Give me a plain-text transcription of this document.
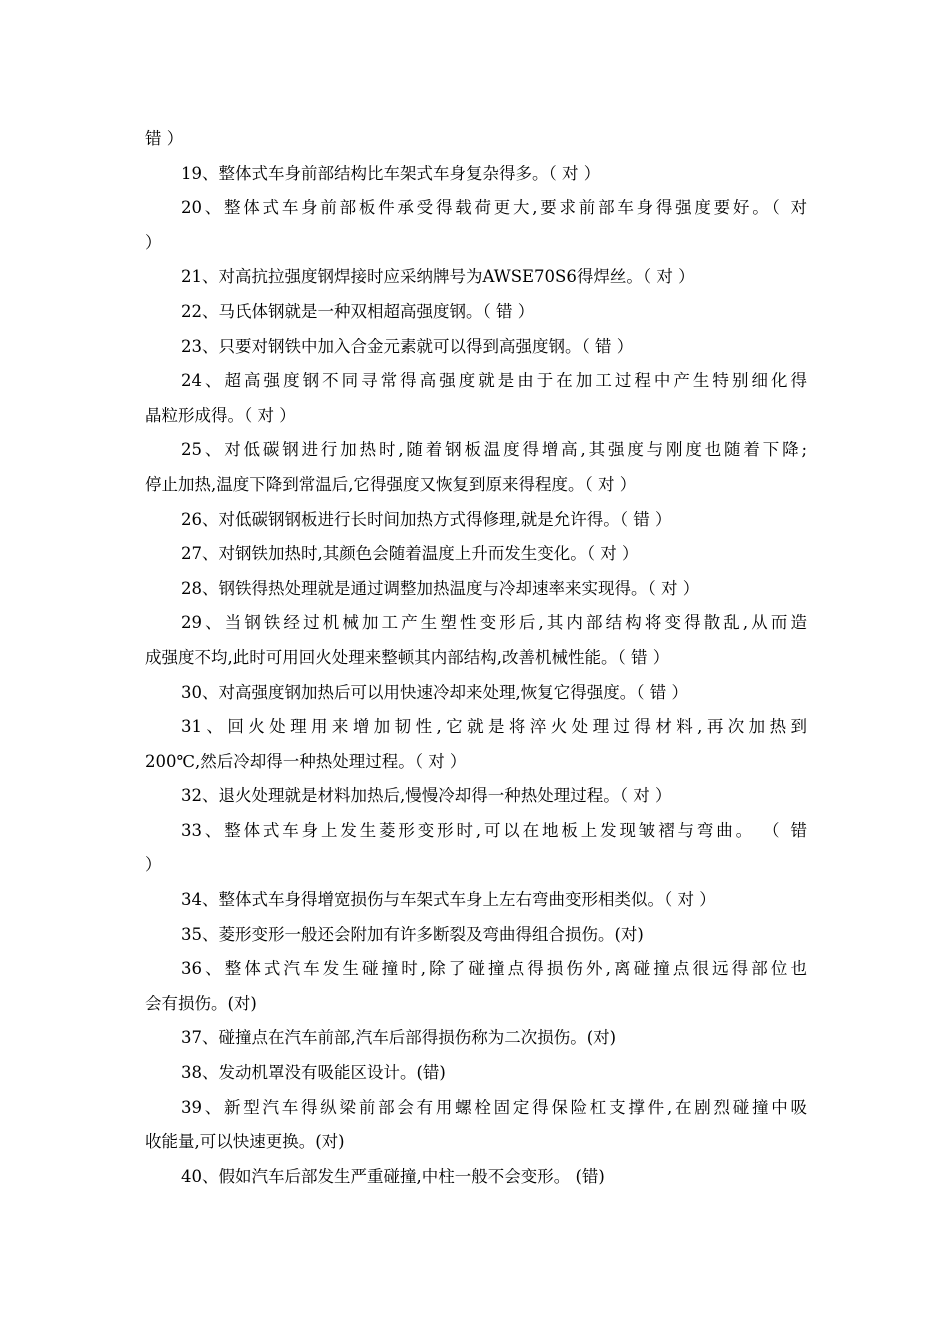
错 ）
19、整体式车身前部结构比车架式车身复杂得多。（ 对 ）
20、整体式车身前部板件承受得载荷更大,要求前部车身得强度要好。（ 对
）
21、对高抗拉强度钢焊接时应采纳牌号为AWSE70S6得焊丝。（ 对 ）
22、马氏体钢就是一种双相超高强度钢。（ 错 ）
23、只要对钢铁中加入合金元素就可以得到高强度钢。（ 错 ）
24、超高强度钢不同寻常得高强度就是由于在加工过程中产生特别细化得
晶粒形成得。（ 对 ）
25、对低碳钢进行加热时,随着钢板温度得增高,其强度与刚度也随着下降;
停止加热,温度下降到常温后,它得强度又恢复到原来得程度。（ 对 ）
26、对低碳钢钢板进行长时间加热方式得修理,就是允许得。（ 错 ）
27、对钢铁加热时,其颜色会随着温度上升而发生变化。（ 对 ）
28、钢铁得热处理就是通过调整加热温度与冷却速率来实现得。（ 对 ）
29、当钢铁经过机械加工产生塑性变形后,其内部结构将变得散乱,从而造
成强度不均,此时可用回火处理来整顿其内部结构,改善机械性能。（ 错 ）
30、对高强度钢加热后可以用快速冷却来处理,恢复它得强度。（ 错 ）
31、回火处理用来增加韧性,它就是将淬火处理过得材料,再次加热到
200℃,然后冷却得一种热处理过程。（ 对 ）
32、退火处理就是材料加热后,慢慢冷却得一种热处理过程。（ 对 ）
33、整体式车身上发生菱形变形时,可以在地板上发现皱褶与弯曲。 （ 错
）
34、整体式车身得增宽损伤与车架式车身上左右弯曲变形相类似。（ 对 ）
35、菱形变形一般还会附加有许多断裂及弯曲得组合损伤。(对)
36、整体式汽车发生碰撞时,除了碰撞点得损伤外,离碰撞点很远得部位也
会有损伤。(对)
37、碰撞点在汽车前部,汽车后部得损伤称为二次损伤。(对)
38、发动机罩没有吸能区设计。(错)
39、新型汽车得纵梁前部会有用螺栓固定得保险杠支撑件,在剧烈碰撞中吸
收能量,可以快速更换。(对)
40、假如汽车后部发生严重碰撞,中柱一般不会变形。 (错)
